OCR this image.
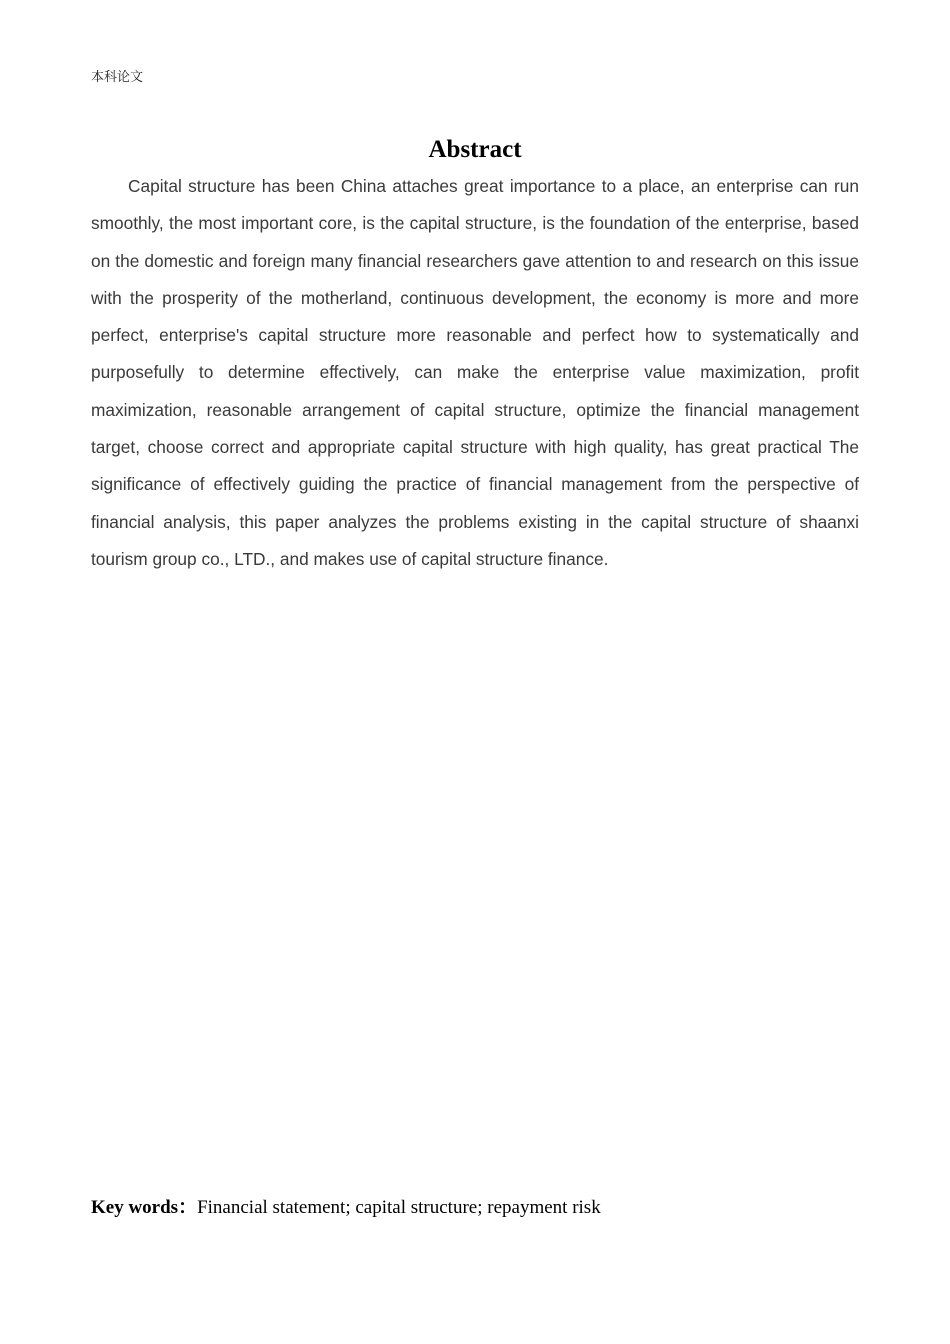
本科论文
Abstract

Capital structure has been China attaches great importance to a place, an enterprise can run smoothly, the most important core, is the capital structure, is the foundation of the enterprise, based on the domestic and foreign many financial researchers gave attention to and research on this issue with the prosperity of the motherland, continuous development, the economy is more and more perfect, enterprise's capital structure more reasonable and perfect how to systematically and purposefully to determine effectively, can make the enterprise value maximization, profit maximization, reasonable arrangement of capital structure, optimize the financial management target, choose correct and appropriate capital structure with high quality, has great practical The significance of effectively guiding the practice of financial management from the perspective of financial analysis, this paper analyzes the problems existing in the capital structure of shaanxi tourism group co., LTD., and makes use of capital structure finance.

Key words：Financial statement; capital structure; repayment risk
